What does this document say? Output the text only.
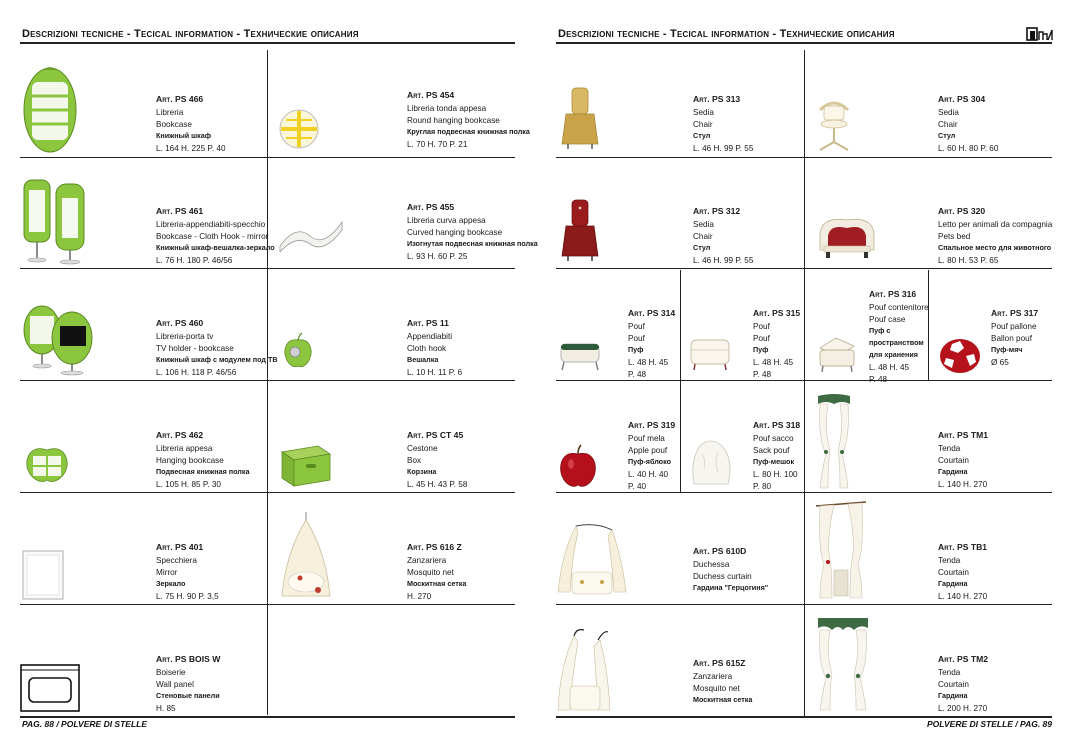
Descrizioni tecniche - Tecical information - Технические описания	Descrizioni tecniche - Tecical information - Технические описания
Art. PS 466
Libreria
Bookcase
Книжный шкаф
L. 164 H. 225 P. 40
Art. PS 454
Libreria tonda appesa
Round hanging bookcase
Круглая подвесная книжная полка
L. 70 H. 70 P. 21
Art. PS 461
Libreria-appendiabiti-specchio
Bookcase - Cloth Hook - mirror
Книжный шкаф-вешалка-зеркало
L. 76 H. 180 P. 46/56
Art. PS 455
Libreria curva appesa
Curved hanging bookcase
Изогнутая подвесная книжная полка
L. 93 H. 60 P. 25
Art. PS 460
Libreria-porta tv
TV holder - bookcase
Книжный шкаф с модулем под ТВ
L. 106 H. 118 P. 46/56
Art. PS 11
Appendiabiti
Cloth hook
Вешалка
L. 10 H. 11 P. 6
Art. PS 462
Libreria appesa
Hanging bookcase
Подвесная книжная полка
L. 105 H. 85 P. 30
Art. PS CT 45
Cestone
Box
Корзина
L. 45 H. 43 P. 58
Art. PS 401
Specchiera
Mirror
Зеркало
L. 75 H. 90 P. 3,5
Art. PS 616 Z
Zanzariera
Mosquito net
Москитная сетка
H. 270
Art. PS BOIS W
Boiserie
Wall panel
Стеновые панели
H. 85
Art. PS 313
Sedia
Chair
Стул
L. 46 H. 99 P. 55
Art. PS 304
Sedia
Chair
Стул
L. 60 H. 80 P. 60
Art. PS 312
Sedia
Chair
Стул
L. 46 H. 99 P. 55
Art. PS 320
Letto per animali da compagnia
Pets bed
Спальное место для животного
L. 80 H. 53 P. 65
Art. PS 314
Pouf
Pouf
Пуф
L. 48 H. 45
P. 48
Art. PS 315
Pouf
Pouf
Пуф
L. 48 H. 45
P. 48
Art. PS 316
Pouf contenitore
Pouf case
Пуф с
пространством
для хранения
L. 48 H. 45
P. 48
Art. PS 317
Pouf pallone
Ballon pouf
Пуф-мяч
Ø 65
Art. PS 319
Pouf mela
Apple pouf
Пуф-яблоко
L. 40 H. 40
P. 40
Art. PS 318
Pouf sacco
Sack pouf
Пуф-мешок
L. 80 H. 100
P. 80
Art. PS TM1
Tenda
Courtain
Гардина
L. 140 H. 270
Art. PS 610D
Duchessa
Duchess curtain
Гардина "Герцогиня"
Art. PS TB1
Tenda
Courtain
Гардина
L. 140 H. 270
Art. PS 615Z
Zanzariera
Mosquito net
Москитная сетка
Art. PS TM2
Tenda
Courtain
Гардина
L. 200 H. 270
PAG. 88 / POLVERE DI STELLE	POLVERE DI STELLE / PAG. 89
